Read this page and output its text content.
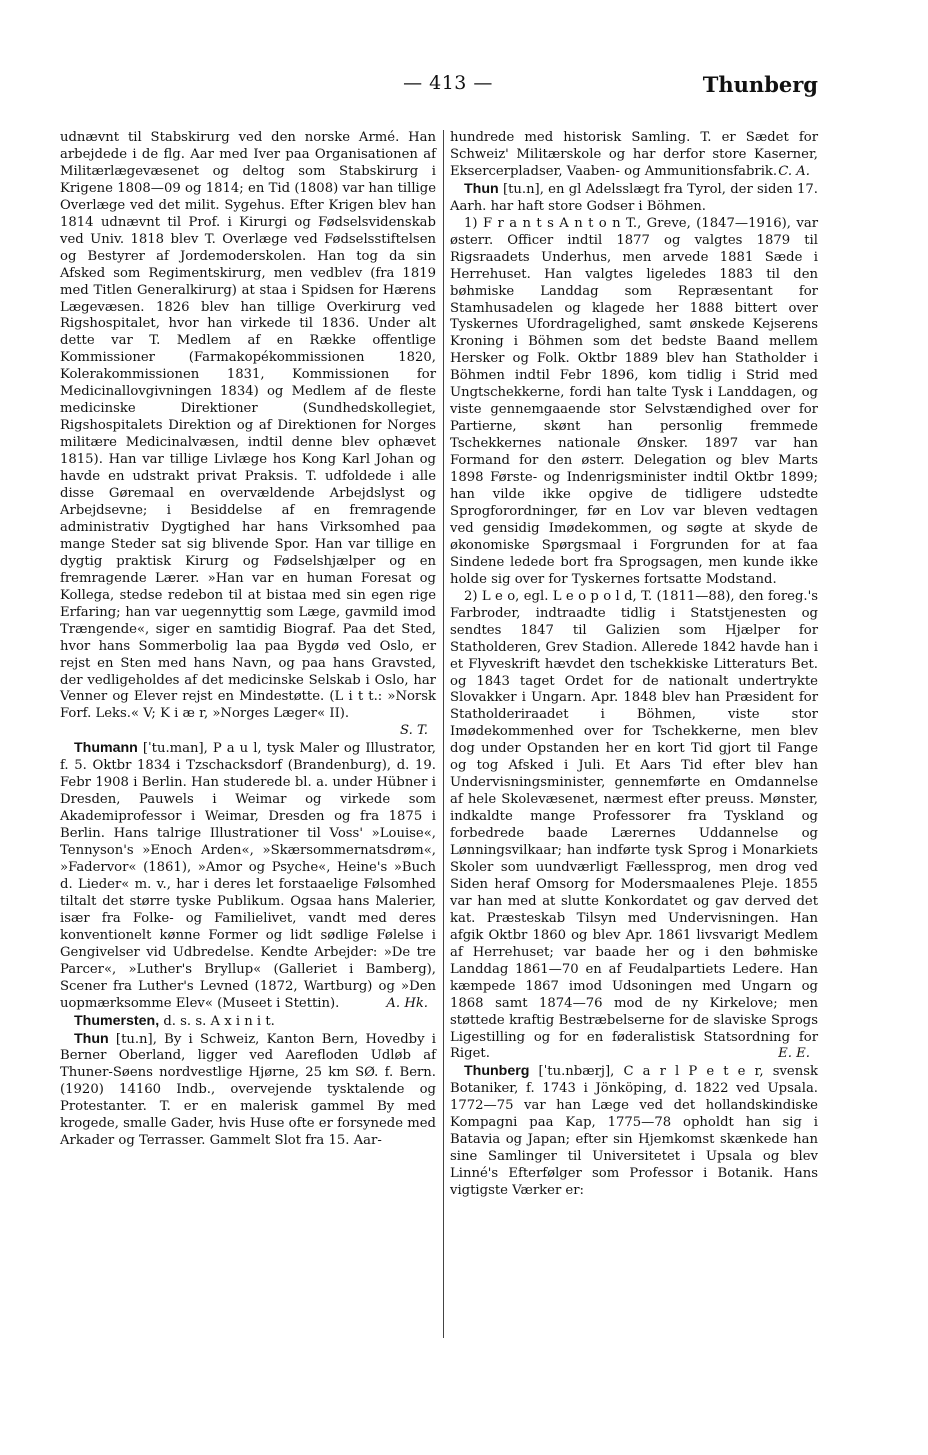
— 413 —	Thunberg

udnævnt til Stabskirurg ved den norske Armé. Han arbejdede i de flg. Aar med Iver paa Organisationen af Militærlægevæsenet og deltog som Stabskirurg i Krigene 1808—09 og 1814; en Tid (1808) var han tillige Overlæge ved det milit. Sygehus. Efter Krigen blev han 1814 udnævnt til Prof. i Kirurgi og Fødselsvidenskab ved Univ. 1818 blev T. Overlæge ved Fødselsstiftelsen og Bestyrer af Jordemoderskolen. Han tog da sin Afsked som Regimentskirurg, men vedblev (fra 1819 med Titlen Generalkirurg) at staa i Spidsen for Hærens Lægevæsen. 1826 blev han tillige Overkirurg ved Rigshospitalet, hvor han virkede til 1836. Under alt dette var T. Medlem af en Række offentlige Kommissioner (Farmakopékommissionen 1820, Kolerakommissionen 1831, Kommissionen for Medicinallovgivningen 1834) og Medlem af de fleste medicinske Direktioner (Sundhedskollegiet, Rigshospitalets Direktion og af Direktionen for Norges militære Medicinalvæsen, indtil denne blev ophævet 1815). Han var tillige Livlæge hos Kong Karl Johan og havde en udstrakt privat Praksis. T. udfoldede i alle disse Gøremaal en overvældende Arbejdslyst og Arbejdsevne; i Besiddelse af en fremragende administrativ Dygtighed har hans Virksomhed paa mange Steder sat sig blivende Spor. Han var tillige en dygtig praktisk Kirurg og Fødselshjælper og en fremragende Lærer. »Han var en human Foresat og Kollega, stedse redebon til at bistaa med sin egen rige Erfaring; han var uegennyttig som Læge, gavmild imod Trængende«, siger en samtidig Biograf. Paa det Sted, hvor hans Sommerbolig laa paa Bygdø ved Oslo, er rejst en Sten med hans Navn, og paa hans Gravsted, der vedligeholdes af det medicinske Selskab i Oslo, har Venner og Elever rejst en Mindestøtte. (L i t t.: »Norsk Forf. Leks.« V; K i æ r, »Norges Læger« II).

S. T.

Thumann [ˈtu.man], P a u l, tysk Maler og Illustrator, f. 5. Oktbr 1834 i Tzschacksdorf (Brandenburg), d. 19. Febr 1908 i Berlin. Han studerede bl. a. under Hübner i Dresden, Pauwels i Weimar og virkede som Akademiprofessor i Weimar, Dresden og fra 1875 i Berlin. Hans talrige Illustrationer til Voss' »Louise«, Tennyson's »Enoch Arden«, »Skærsommernatsdrøm«, »Fadervor« (1861), »Amor og Psyche«, Heine's »Buch d. Lieder« m. v., har i deres let forstaaelige Følsomhed tiltalt det større tyske Publikum. Ogsaa hans Malerier, især fra Folke- og Familielivet, vandt med deres konventionelt kønne Former og lidt sødlige Følelse i Gengivelser vid Udbredelse. Kendte Arbejder: »De tre Parcer«, »Luther's Bryllup« (Galleriet i Bamberg), Scener fra Luther's Levned (1872, Wartburg) og »Den uopmærksomme Elev« (Museet i Stettin).	A. Hk.

Thumersten, d. s. s. A x i n i t.

Thun [tu.n], By i Schweiz, Kanton Bern, Hovedby i Berner Oberland, ligger ved Aarefloden Udløb af Thuner-Søens nordvestlige Hjørne, 25 km SØ. f. Bern. (1920) 14160 Indb., overvejende tysktalende og Protestanter. T. er en malerisk gammel By med krogede, smalle Gader, hvis Huse ofte er forsynede med Arkader og Terrasser. Gammelt Slot fra 15. Aar-

hundrede med historisk Samling. T. er Sædet for Schweiz' Militærskole og har derfor store Kaserner, Eksercerpladser, Vaaben- og Ammunitionsfabrik. C. A.

Thun [tu.n], en gl Adelsslægt fra Tyrol, der siden 17. Aarh. har haft store Godser i Böhmen.

1) F r a n t s A n t o n T., Greve, (1847—1916), var østerr. Officer indtil 1877 og valgtes 1879 til Rigsraadets Underhus, men arvede 1881 Sæde i Herrehuset. Han valgtes ligeledes 1883 til den bøhmiske Landdag som Repræsentant for Stamhusadelen og klagede her 1888 bittert over Tyskernes Ufordragelighed, samt ønskede Kejserens Kroning i Böhmen som det bedste Baand mellem Hersker og Folk. Oktbr 1889 blev han Statholder i Böhmen indtil Febr 1896, kom tidlig i Strid med Ungtschekkerne, fordi han talte Tysk i Landdagen, og viste gennemgaaende stor Selvstændighed over for Partierne, skønt han personlig fremmede Tschekkernes nationale Ønsker. 1897 var han Formand for den østerr. Delegation og blev Marts 1898 Første- og Indenrigsminister indtil Oktbr 1899; han vilde ikke opgive de tidligere udstedte Sprogforordninger, før en Lov var bleven vedtagen ved gensidig Imødekommen, og søgte at skyde de økonomiske Spørgsmaal i Forgrunden for at faa Sindene ledede bort fra Sprogsagen, men kunde ikke holde sig over for Tyskernes fortsatte Modstand.

2) L e o, egl. L e o p o l d, T. (1811—88), den foreg.'s Farbroder, indtraadte tidlig i Statstjenesten og sendtes 1847 til Galizien som Hjælper for Statholderen, Grev Stadion. Allerede 1842 havde han i et Flyveskrift hævdet den tschekkiske Litteraturs Bet. og 1843 taget Ordet for de nationalt undertrykte Slovakker i Ungarn. Apr. 1848 blev han Præsident for Statholderiraadet i Böhmen, viste stor Imødekommenhed over for Tschekkerne, men blev dog under Opstanden her en kort Tid gjort til Fange og tog Afsked i Juli. Et Aars Tid efter blev han Undervisningsminister, gennemførte en Omdannelse af hele Skolevæsenet, nærmest efter preuss. Mønster, indkaldte mange Professorer fra Tyskland og forbedrede baade Lærernes Uddannelse og Lønningsvilkaar; han indførte tysk Sprog i Monarkiets Skoler som uundværligt Fællessprog, men drog ved Siden heraf Omsorg for Modersmaalenes Pleje. 1855 var han med at slutte Konkordatet og gav derved det kat. Præsteskab Tilsyn med Undervisningen. Han afgik Oktbr 1860 og blev Apr. 1861 livsvarigt Medlem af Herrehuset; var baade her og i den bøhmiske Landdag 1861—70 en af Feudalpartiets Ledere. Han kæmpede 1867 imod Udsoningen med Ungarn og 1868 samt 1874—76 mod de ny Kirkelove; men støttede kraftig Bestræbelserne for de slaviske Sprogs Ligestilling og for en føderalistisk Statsordning for Riget.	E. E.

Thunberg [ˈtu.nbærj], C a r l P e t e r, svensk Botaniker, f. 1743 i Jönköping, d. 1822 ved Upsala. 1772—75 var han Læge ved det hollandskindiske Kompagni paa Kap, 1775—78 opholdt han sig i Batavia og Japan; efter sin Hjemkomst skænkede han sine Samlinger til Universitetet i Upsala og blev Linné's Efterfølger som Professor i Botanik. Hans vigtigste Værker er:
